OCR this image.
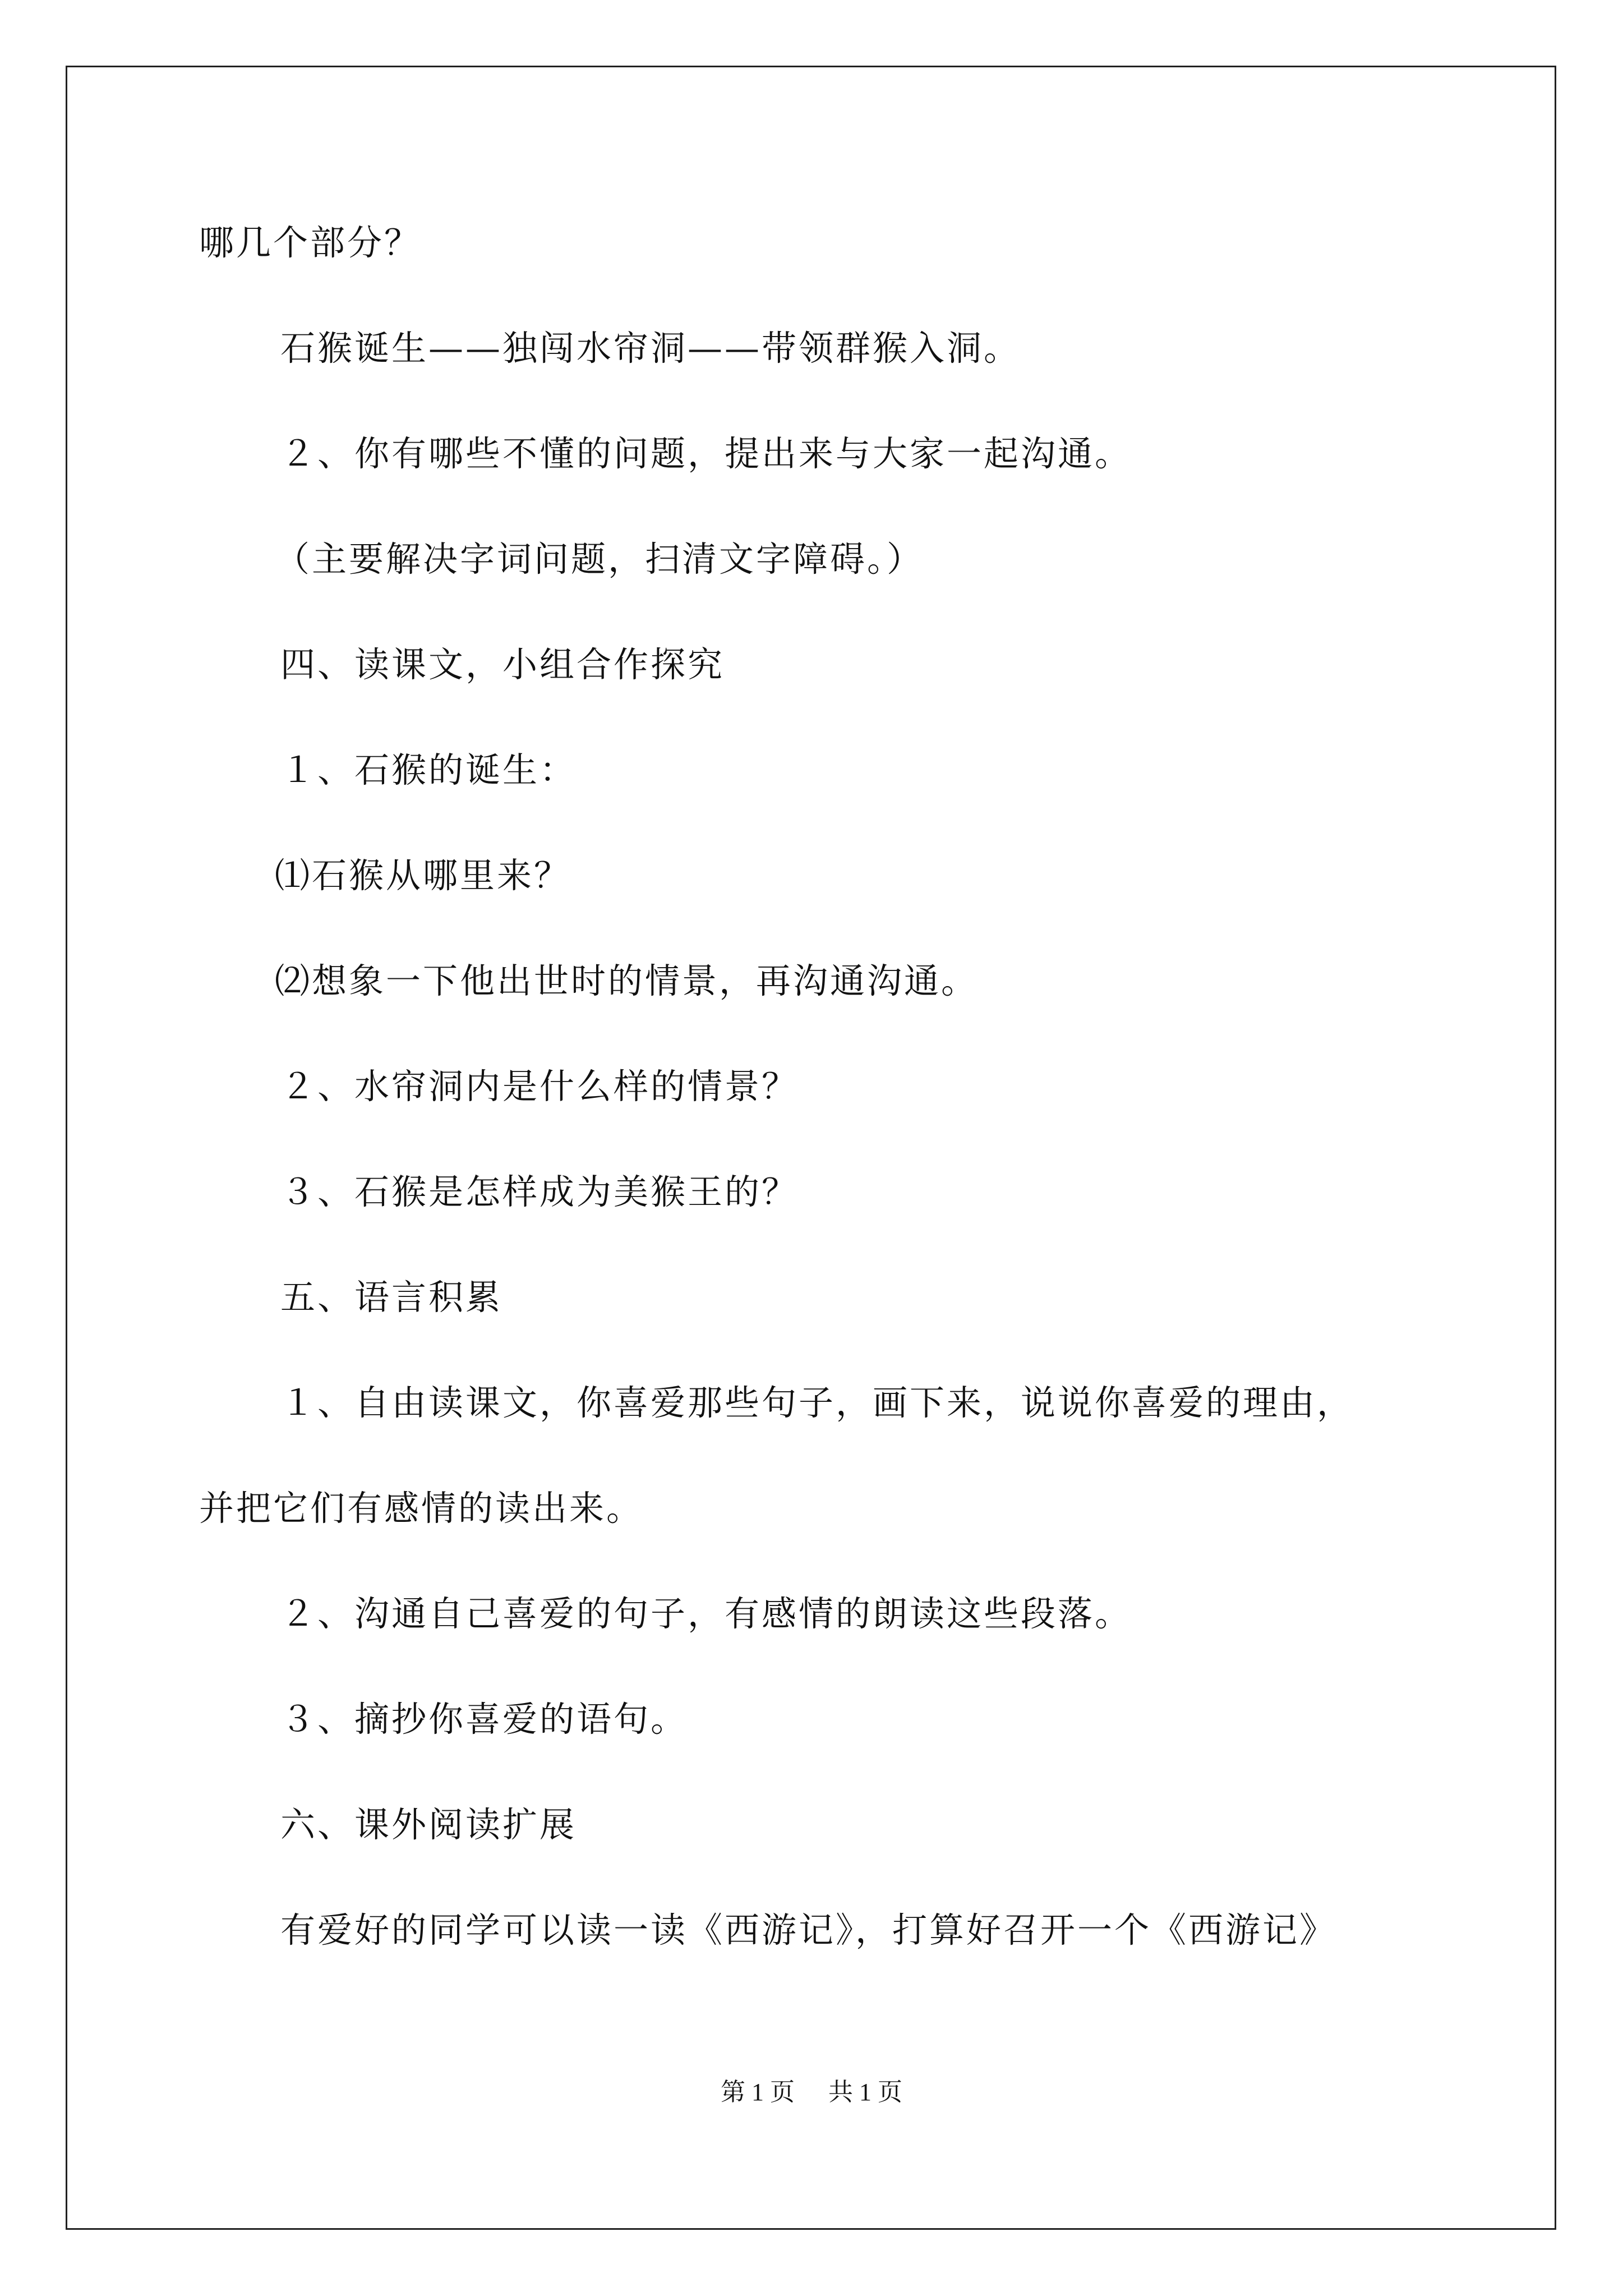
哪几个部分？
石猴诞生——独闯水帘洞——带领群猴入洞。
２、你有哪些不懂的问题，提出来与大家一起沟通。
（主要解决字词问题，扫清文字障碍。）
四、读课文，小组合作探究
１、石猴的诞生：
⑴石猴从哪里来？
⑵想象一下他出世时的情景，再沟通沟通。
２、水帘洞内是什么样的情景？
３、石猴是怎样成为美猴王的？
五、语言积累
１、自由读课文，你喜爱那些句子，画下来，说说你喜爱的理由，
并把它们有感情的读出来。
２、沟通自己喜爱的句子，有感情的朗读这些段落。
３、摘抄你喜爱的语句。
六、课外阅读扩展
有爱好的同学可以读一读《西游记》，打算好召开一个《西游记》
第 1 页 共 1 页
